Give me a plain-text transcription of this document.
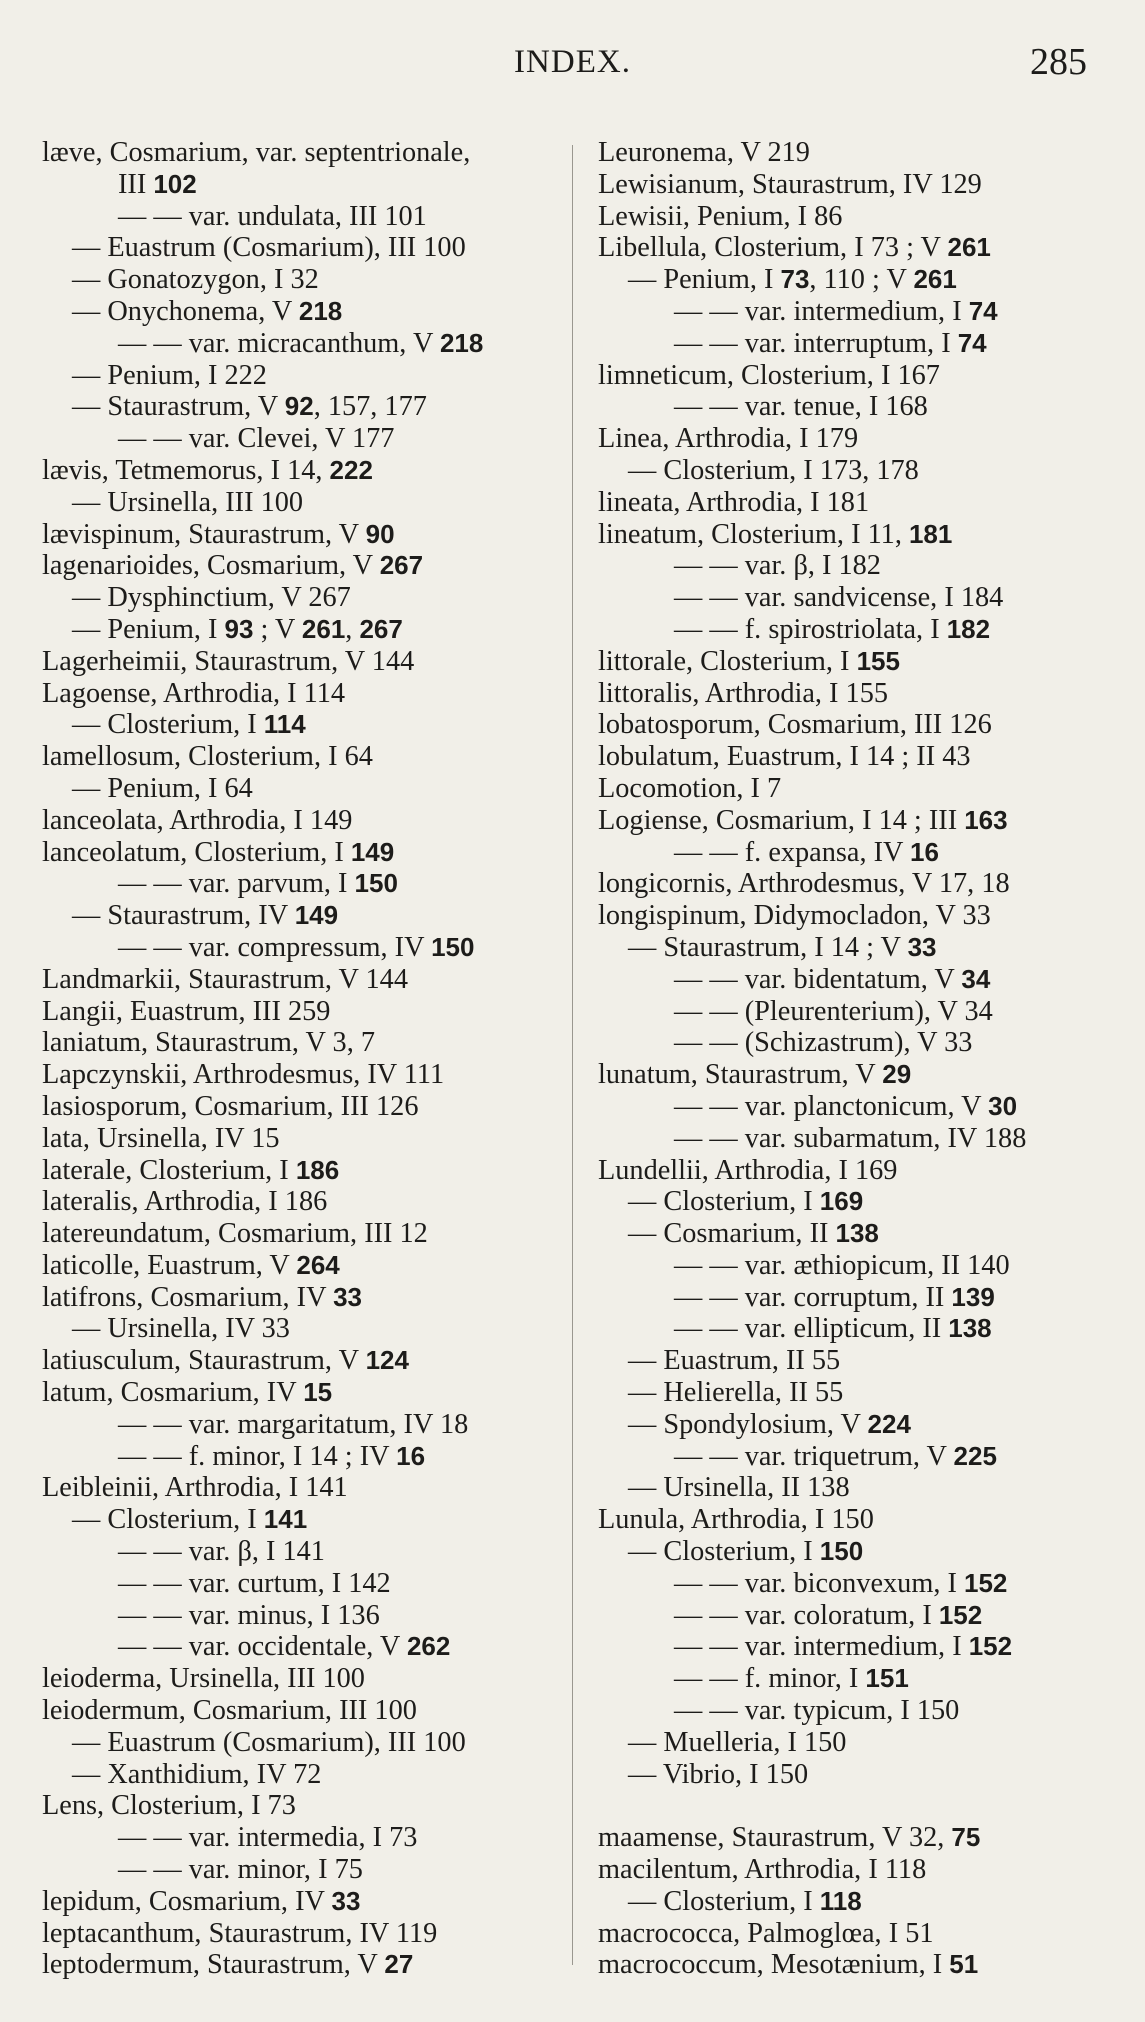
INDEX.	285
læve, Cosmarium, var. septentrionale,
III 102
— — var. undulata, III 101
— Euastrum (Cosmarium), III 100
— Gonatozygon, I 32
— Onychonema, V 218
— — var. micracanthum, V 218
— Penium, I 222
— Staurastrum, V 92, 157, 177
— — var. Clevei, V 177
lævis, Tetmemorus, I 14, 222
— Ursinella, III 100
lævispinum, Staurastrum, V 90
lagenarioides, Cosmarium, V 267
— Dysphinctium, V 267
— Penium, I 93 ; V 261, 267
Lagerheimii, Staurastrum, V 144
Lagoense, Arthrodia, I 114
— Closterium, I 114
lamellosum, Closterium, I 64
— Penium, I 64
lanceolata, Arthrodia, I 149
lanceolatum, Closterium, I 149
— — var. parvum, I 150
— Staurastrum, IV 149
— — var. compressum, IV 150
Landmarkii, Staurastrum, V 144
Langii, Euastrum, III 259
laniatum, Staurastrum, V 3, 7
Lapczynskii, Arthrodesmus, IV 111
lasiosporum, Cosmarium, III 126
lata, Ursinella, IV 15
laterale, Closterium, I 186
lateralis, Arthrodia, I 186
latereundatum, Cosmarium, III 12
laticolle, Euastrum, V 264
latifrons, Cosmarium, IV 33
— Ursinella, IV 33
latiusculum, Staurastrum, V 124
latum, Cosmarium, IV 15
— — var. margaritatum, IV 18
— — f. minor, I 14 ; IV 16
Leibleinii, Arthrodia, I 141
— Closterium, I 141
— — var. β, I 141
— — var. curtum, I 142
— — var. minus, I 136
— — var. occidentale, V 262
leioderma, Ursinella, III 100
leiodermum, Cosmarium, III 100
— Euastrum (Cosmarium), III 100
— Xanthidium, IV 72
Lens, Closterium, I 73
— — var. intermedia, I 73
— — var. minor, I 75
lepidum, Cosmarium, IV 33
leptacanthum, Staurastrum, IV 119
leptodermum, Staurastrum, V 27
Leuronema, V 219
Lewisianum, Staurastrum, IV 129
Lewisii, Penium, I 86
Libellula, Closterium, I 73 ; V 261
— Penium, I 73, 110 ; V 261
— — var. intermedium, I 74
— — var. interruptum, I 74
limneticum, Closterium, I 167
— — var. tenue, I 168
Linea, Arthrodia, I 179
— Closterium, I 173, 178
lineata, Arthrodia, I 181
lineatum, Closterium, I 11, 181
— — var. β, I 182
— — var. sandvicense, I 184
— — f. spirostriolata, I 182
littorale, Closterium, I 155
littoralis, Arthrodia, I 155
lobatosporum, Cosmarium, III 126
lobulatum, Euastrum, I 14 ; II 43
Locomotion, I 7
Logiense, Cosmarium, I 14 ; III 163
— — f. expansa, IV 16
longicornis, Arthrodesmus, V 17, 18
longispinum, Didymocladon, V 33
— Staurastrum, I 14 ; V 33
— — var. bidentatum, V 34
— — (Pleurenterium), V 34
— — (Schizastrum), V 33
lunatum, Staurastrum, V 29
— — var. planctonicum, V 30
— — var. subarmatum, IV 188
Lundellii, Arthrodia, I 169
— Closterium, I 169
— Cosmarium, II 138
— — var. æthiopicum, II 140
— — var. corruptum, II 139
— — var. ellipticum, II 138
— Euastrum, II 55
— Helierella, II 55
— Spondylosium, V 224
— — var. triquetrum, V 225
— Ursinella, II 138
Lunula, Arthrodia, I 150
— Closterium, I 150
— — var. biconvexum, I 152
— — var. coloratum, I 152
— — var. intermedium, I 152
— — f. minor, I 151
— — var. typicum, I 150
— Muelleria, I 150
— Vibrio, I 150
maamense, Staurastrum, V 32, 75
macilentum, Arthrodia, I 118
— Closterium, I 118
macrococca, Palmoglœa, I 51
macrococcum, Mesotænium, I 51
